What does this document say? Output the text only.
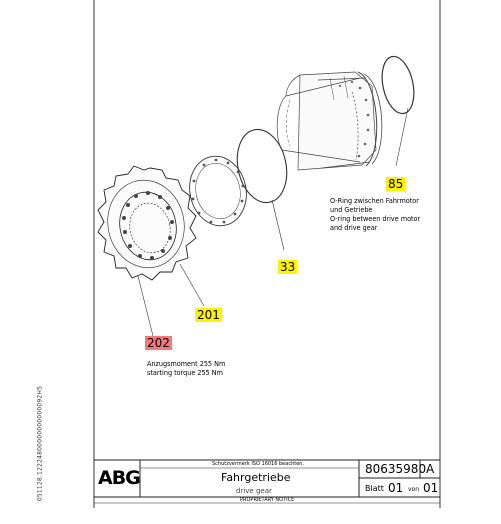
051128.12224800000000000092H5
85
33
201
202
O-Ring zwischen Fahrmotor
und Getriebe
O-ring between drive motor
and drive gear
Anzugsmoment 255 Nm
starting torque 255 Nm
ABG
Schutzvermerk ISO 16016 beachten.
Fahrgetriebe
drive gear
80635980 A
Blatt 01 von 01
PROPRIETARY NOTICE
